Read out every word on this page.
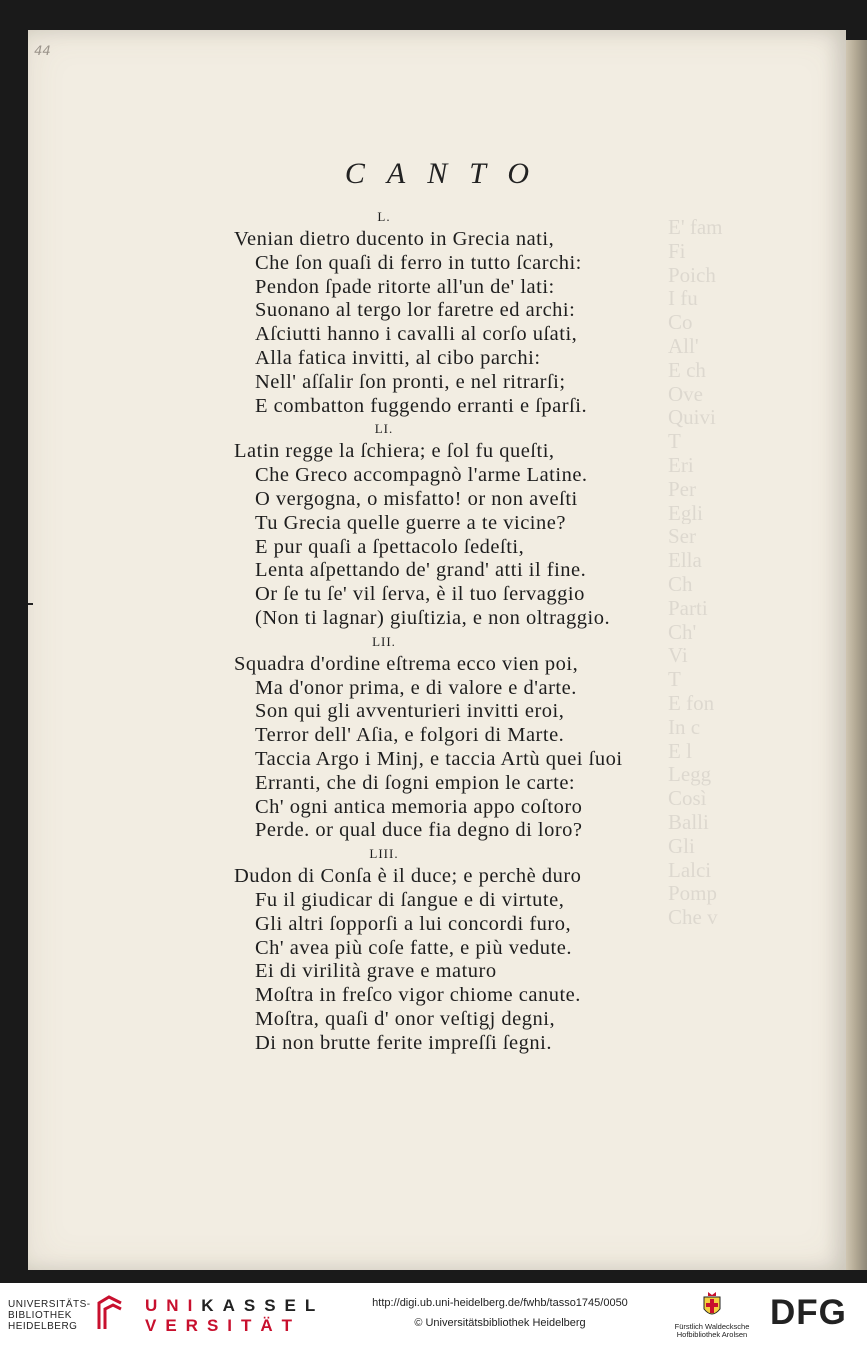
44
E' fam
Fi
Poich
I fu
Co
All'
E ch
Ove
Quivi
T
Eri
Per
Egli
Ser
Ella
Ch
Parti
Ch'
Vi
T
E fon
In c
E l
Legg
Così
Balli
Gli
Lalci
Pomp
Che v
CANTO
L.
Venian dietro ducento in Grecia nati,
Che ſon quaſi di ferro in tutto ſcarchi:
Pendon ſpade ritorte all'un de' lati:
Suonano al tergo lor faretre ed archi:
Aſciutti hanno i cavalli al corſo uſati,
Alla fatica invitti, al cibo parchi:
Nell' aſſalir ſon pronti, e nel ritrarſi;
E combatton fuggendo erranti e ſparſi.
LI.
Latin regge la ſchiera; e ſol fu queſti,
Che Greco accompagnò l'arme Latine.
O vergogna, o misfatto! or non aveſti
Tu Grecia quelle guerre a te vicine?
E pur quaſi a ſpettacolo ſedeſti,
Lenta aſpettando de' grand' atti il fine.
Or ſe tu ſe' vil ſerva, è il tuo ſervaggio
(Non ti lagnar) giuſtizia, e non oltraggio.
LII.
Squadra d'ordine eſtrema ecco vien poi,
Ma d'onor prima, e di valore e d'arte.
Son qui gli avventurieri invitti eroi,
Terror dell' Aſia, e folgori di Marte.
Taccia Argo i Minj, e taccia Artù quei ſuoi
Erranti, che di ſogni empion le carte:
Ch' ogni antica memoria appo coſtoro
Perde. or qual duce fia degno di loro?
LIII.
Dudon di Conſa è il duce; e perchè duro
Fu il giudicar di ſangue e di virtute,
Gli altri ſopporſi a lui concordi furo,
Ch' avea più coſe fatte, e più vedute.
Ei di virilità grave e maturo
Moſtra in freſco vigor chiome canute.
Moſtra, quaſi d' onor veſtigj degni,
Di non brutte ferite impreſſi ſegni.
UNIVERSITÄTS-
BIBLIOTHEK
HEIDELBERG
UNIKASSEL
VERSITÄT
http://digi.ub.uni-heidelberg.de/fwhb/tasso1745/0050
© Universitätsbibliothek Heidelberg	Fürstlich Waldecksche
Hofbibliothek Arolsen
DFG
